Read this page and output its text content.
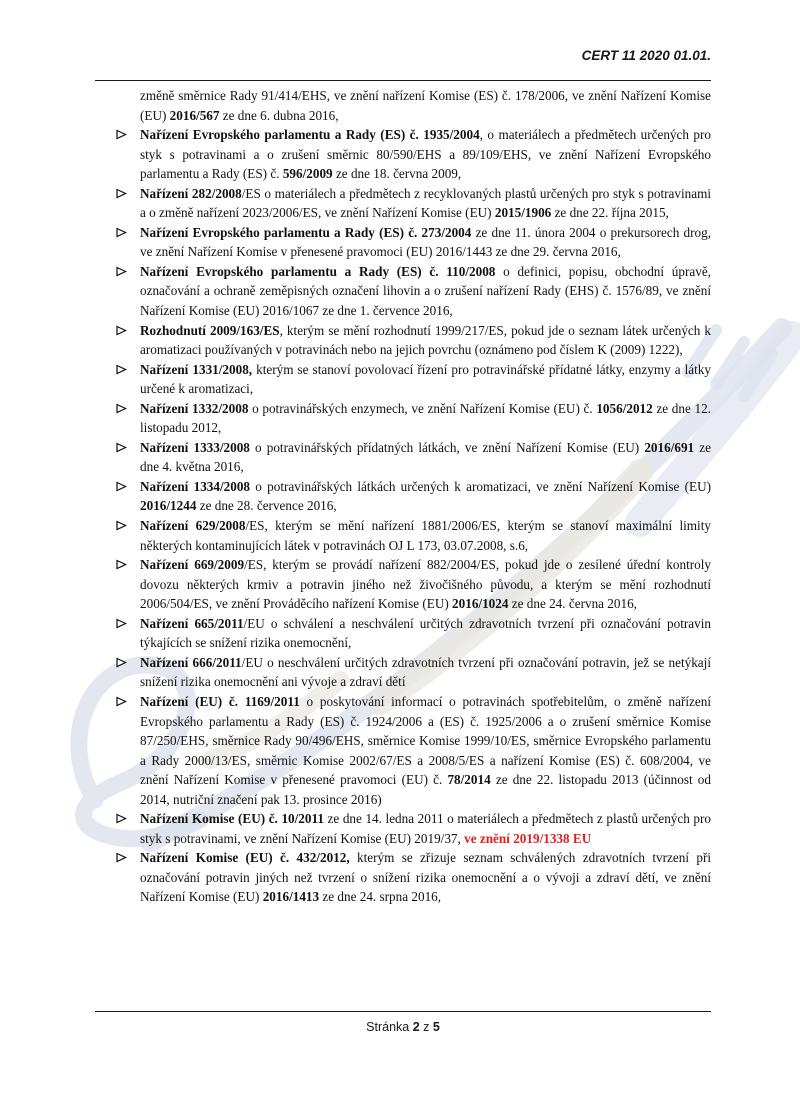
CERT 11 2020 01.01.

změně směrnice Rady 91/414/EHS, ve znění nařízení Komise (ES) č. 178/2006, ve znění Nařízení Komise (EU) 2016/567 ze dne 6. dubna 2016,

Nařízení Evropského parlamentu a Rady (ES) č. 1935/2004, o materiálech a předmětech určených pro styk s potravinami a o zrušení směrnic 80/590/EHS a 89/109/EHS, ve znění Nařízení Evropského parlamentu a Rady (ES) č. 596/2009 ze dne 18. června 2009,
Nařízení 282/2008/ES o materiálech a předmětech z recyklovaných plastů určených pro styk s potravinami a o změně nařízení 2023/2006/ES, ve znění Nařízení Komise (EU) 2015/1906 ze dne 22. října 2015,
Nařízení Evropského parlamentu a Rady (ES) č. 273/2004 ze dne 11. února 2004 o prekursorech drog, ve znění Nařízení Komise v přenesené pravomoci (EU) 2016/1443 ze dne 29. června 2016,
Nařízení Evropského parlamentu a Rady (ES) č. 110/2008 o definici, popisu, obchodní úpravě, označování a ochraně zeměpisných označení lihovin a o zrušení nařízení Rady (EHS) č. 1576/89, ve znění Nařízení Komise (EU) 2016/1067 ze dne 1. července 2016,
Rozhodnutí 2009/163/ES, kterým se mění rozhodnutí 1999/217/ES, pokud jde o seznam látek určených k aromatizaci používaných v potravinách nebo na jejich povrchu (oznámeno pod číslem K (2009) 1222),
Nařízení 1331/2008, kterým se stanoví povolovací řízení pro potravinářské přídatné látky, enzymy a látky určené k aromatizaci,
Nařízení 1332/2008 o potravinářských enzymech, ve znění Nařízení Komise (EU) č. 1056/2012 ze dne 12. listopadu 2012,
Nařízení 1333/2008 o potravinářských přídatných látkách, ve znění Nařízení Komise (EU) 2016/691 ze dne 4. května 2016,
Nařízení 1334/2008 o potravinářských látkách určených k aromatizaci, ve znění Nařízení Komise (EU) 2016/1244 ze dne 28. července 2016,
Nařízení 629/2008/ES, kterým se mění nařízení 1881/2006/ES, kterým se stanoví maximální limity některých kontaminujících látek v potravinách OJ L 173, 03.07.2008, s.6,
Nařízení 669/2009/ES, kterým se provádí nařízení 882/2004/ES, pokud jde o zesílené úřední kontroly dovozu některých krmiv a potravin jiného než živočišného původu, a kterým se mění rozhodnutí 2006/504/ES, ve znění Prováděcího nařízení Komise (EU) 2016/1024 ze dne 24. června 2016,
Nařízení 665/2011/EU o schválení a neschválení určitých zdravotních tvrzení při označování potravin týkajících se snížení rizika onemocnění,
Nařízení 666/2011/EU o neschválení určitých zdravotních tvrzení při označování potravin, jež se netýkají snížení rizika onemocnění ani vývoje a zdraví dětí
Nařízení (EU) č. 1169/2011 o poskytování informací o potravinách spotřebitelům, o změně nařízení Evropského parlamentu a Rady (ES) č. 1924/2006 a (ES) č. 1925/2006 a o zrušení směrnice Komise 87/250/EHS, směrnice Rady 90/496/EHS, směrnice Komise 1999/10/ES, směrnice Evropského parlamentu a Rady 2000/13/ES, směrnic Komise 2002/67/ES a 2008/5/ES a nařízení Komise (ES) č. 608/2004, ve znění Nařízení Komise v přenesené pravomoci (EU) č. 78/2014 ze dne 22. listopadu 2013 (účinnost od 2014, nutriční značení pak 13. prosince 2016)
Nařízení Komise (EU) č. 10/2011 ze dne 14. ledna 2011 o materiálech a předmětech z plastů určených pro styk s potravinami, ve znění Nařízení Komise (EU) 2019/37, ve znění 2019/1338 EU
Nařízení Komise (EU) č. 432/2012, kterým se zřizuje seznam schválených zdravotních tvrzení při označování potravin jiných než tvrzení o snížení rizika onemocnění a o vývoji a zdraví dětí, ve znění Nařízení Komise (EU) 2016/1413 ze dne 24. srpna 2016,
Stránka 2 z 5
